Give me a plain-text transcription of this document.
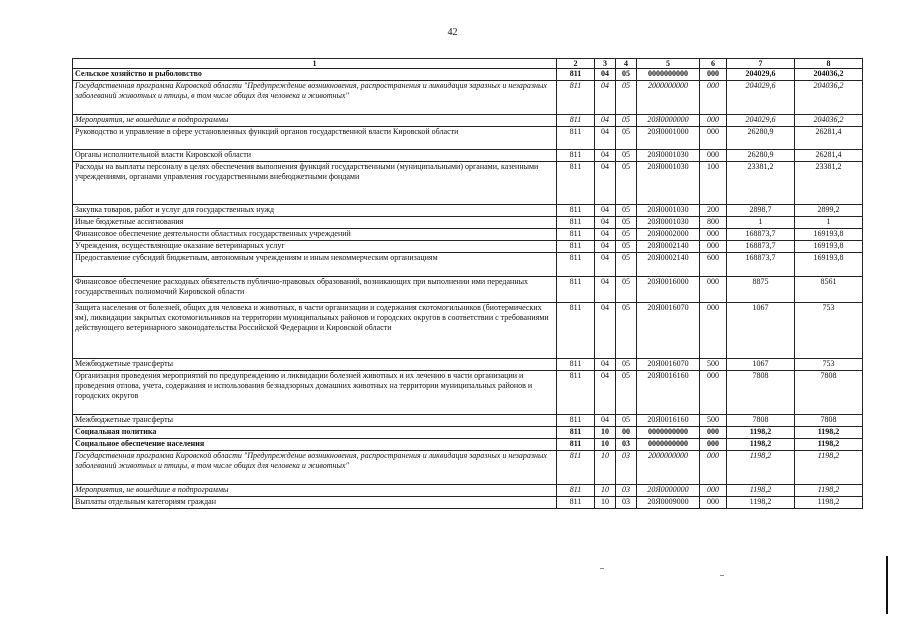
42
1	2	3	4	5	6	7	8
Сельское хозяйство и рыболовство	811	04	05	0000000000	000	204029,6	204036,2
Государственная программа Кировской области "Предупреждение возникновения, распространения и ликвидация заразных и незаразных заболеваний животных и птицы, в том числе общих для человека и животных"	811	04	05	2000000000	000	204029,6	204036,2
Мероприятия, не вошедшие в подпрограммы	811	04	05	20Я0000000	000	204029,6	204036,2
Руководство и управление в сфере установленных функций органов государственной власти Кировской области	811	04	05	20Я0001000	000	26280,9	26281,4
Органы исполнительной власти Кировской области	811	04	05	20Я0001030	000	26280,9	26281,4
Расходы на выплаты персоналу в целях обеспечения выполнения функций государственными (муниципальными) органами, казенными учреждениями, органами управления государственными внебюджетными фондами	811	04	05	20Я0001030	100	23381,2	23381,2
Закупка товаров, работ и услуг для государственных нужд	811	04	05	20Я0001030	200	2898,7	2899,2
Иные бюджетные ассигнования	811	04	05	20Я0001030	800	1	1
Финансовое обеспечение деятельности областных государственных учреждений	811	04	05	20Я0002000	000	168873,7	169193,8
Учреждения, осуществляющие оказание ветеринарных услуг	811	04	05	20Я0002140	000	168873,7	169193,8
Предоставление субсидий бюджетным, автономным учреждениям и иным некоммерческим организациям	811	04	05	20Я0002140	600	168873,7	169193,8
Финансовое обеспечение расходных обязательств публично-правовых образований, возникающих при выполнении ими переданных государственных полномочий Кировской области	811	04	05	20Я0016000	000	8875	8561
Защита населения от болезней, общих для человека и животных, в части организации и содержания скотомогильников (биотермических ям), ликвидации закрытых скотомогильников на территории муниципальных районов и городских округов в соответствии с требованиями действующего ветеринарного законодательства Российской Федерации и Кировской области	811	04	05	20Я0016070	000	1067	753
Межбюджетные трансферты	811	04	05	20Я0016070	500	1067	753
Организация проведения мероприятий по предупреждению и ликвидации болезней животных и их лечению в части организации и проведения отлова, учета, содержания и использования безнадзорных домашних животных на территории муниципальных районов и городских округов	811	04	05	20Я0016160	000	7808	7808
Межбюджетные трансферты	811	04	05	20Я0016160	500	7808	7808
Социальная политика	811	10	00	0000000000	000	1198,2	1198,2
Социальное обеспечение населения	811	10	03	0000000000	000	1198,2	1198,2
Государственная программа Кировской области "Предупреждение возникновения, распространения и ликвидация заразных и незаразных заболеваний животных и птицы, в том числе общих для человека и животных"	811	10	03	2000000000	000	1198,2	1198,2
Мероприятия, не вошедшие в подпрограммы	811	10	03	20Я0000000	000	1198,2	1198,2
Выплаты отдельным категориям граждан	811	10	03	20Я0009000	000	1198,2	1198,2
